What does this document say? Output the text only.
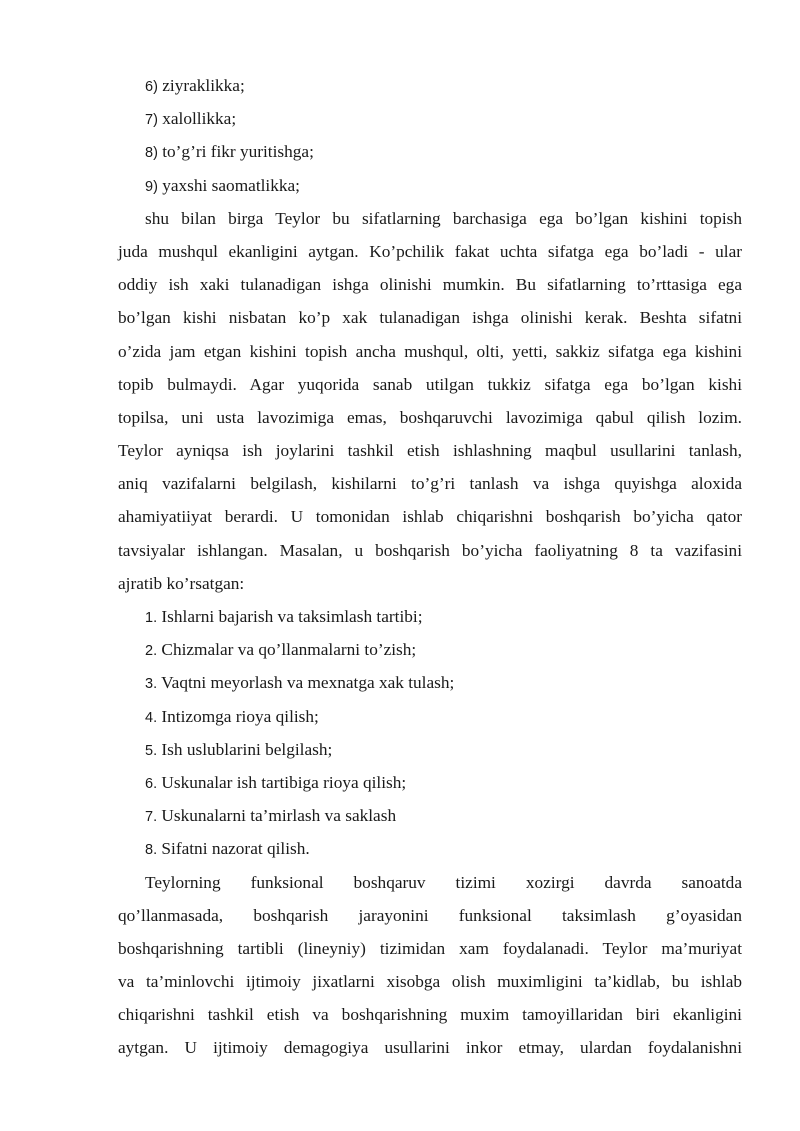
6) ziyraklikka;
7) xalollikka;
8) to’g’ri fikr yuritishga;
9) yaxshi saomatlikka;
shu bilan birga Teylor bu sifatlarning barchasiga ega bo’lgan kishini topish
juda mushqul ekanligini aytgan. Ko’pchilik fakat uchta sifatga ega bo’ladi - ular
oddiy ish xaki tulanadigan ishga olinishi mumkin. Bu sifatlarning to’rttasiga ega
bo’lgan kishi nisbatan ko’p xak tulanadigan ishga olinishi kerak. Beshta sifatni
o’zida jam etgan kishini topish ancha mushqul, olti, yetti, sakkiz sifatga ega kishini
topib bulmaydi. Agar yuqorida sanab utilgan tukkiz sifatga ega bo’lgan kishi
topilsa, uni usta lavozimiga emas, boshqaruvchi lavozimiga qabul qilish lozim.
Teylor ayniqsa ish joylarini tashkil etish ishlashning maqbul usullarini tanlash,
aniq vazifalarni belgilash, kishilarni to’g’ri tanlash va ishga quyishga aloxida
ahamiyatiiyat berardi. U tomonidan ishlab chiqarishni boshqarish bo’yicha qator
tavsiyalar ishlangan. Masalan, u boshqarish bo’yicha faoliyatning 8 ta vazifasini
ajratib ko’rsatgan:
1. Ishlarni bajarish va taksimlash tartibi;
2. Chizmalar va qo’llanmalarni to’zish;
3. Vaqtni meyorlash va mexnatga xak tulash;
4. Intizomga rioya qilish;
5. Ish uslublarini belgilash;
6. Uskunalar ish tartibiga rioya qilish;
7. Uskunalarni ta’mirlash va saklash
8. Sifatni nazorat qilish.
Teylorning funksional boshqaruv tizimi xozirgi davrda sanoatda
qo’llanmasada, boshqarish jarayonini funksional taksimlash g’oyasidan
boshqarishning tartibli (lineyniy) tizimidan xam foydalanadi. Teylor ma’muriyat
va ta’minlovchi ijtimoiy jixatlarni xisobga olish muximligini ta’kidlab, bu ishlab
chiqarishni tashkil etish va boshqarishning muxim tamoyillaridan biri ekanligini
aytgan. U ijtimoiy demagogiya usullarini inkor etmay, ulardan foydalanishni
